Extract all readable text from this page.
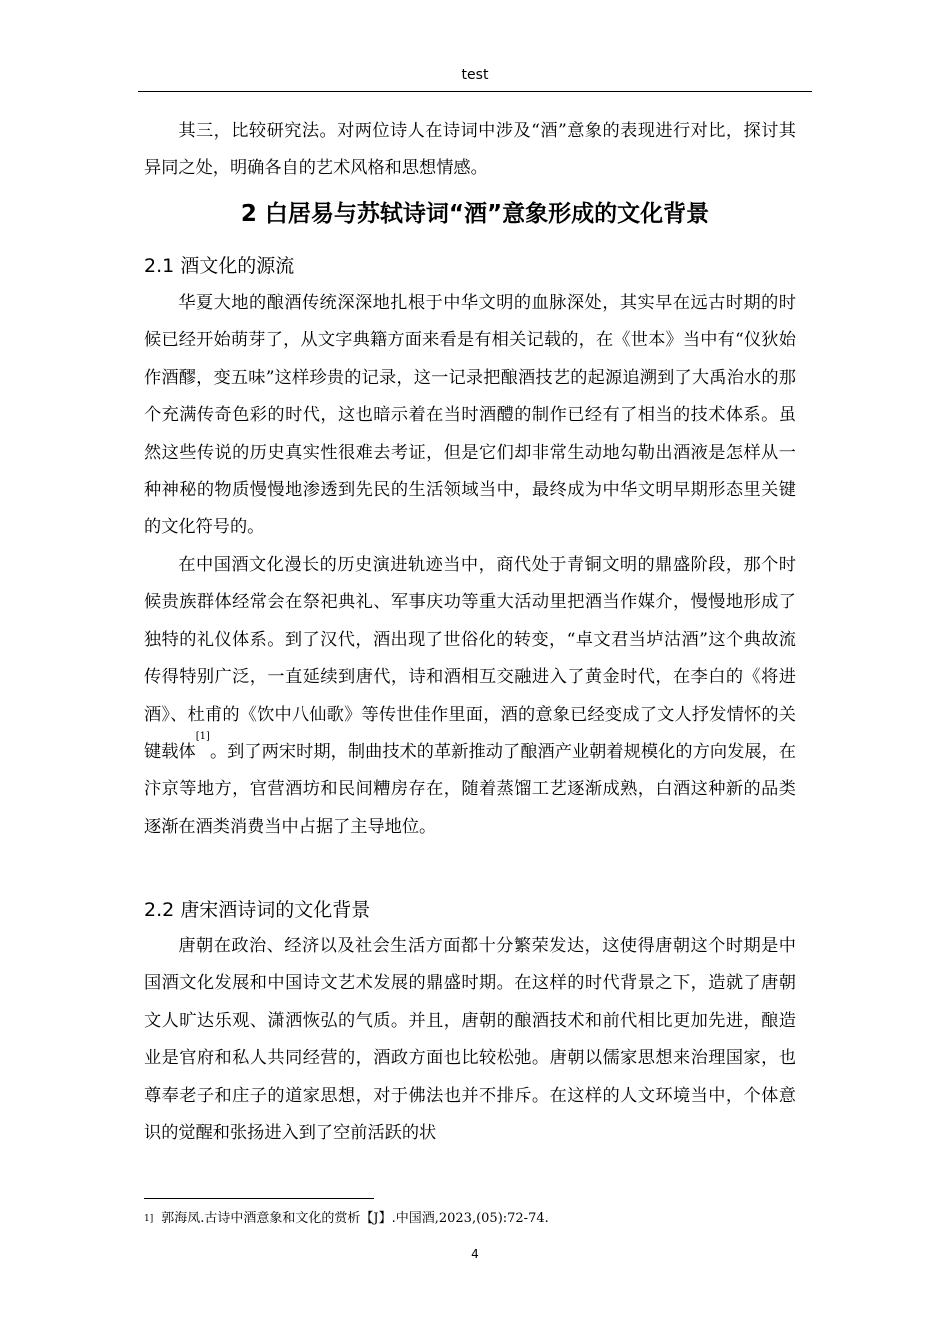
test

其三，比较研究法。对两位诗人在诗词中涉及“酒”意象的表现进行对比，探讨其异同之处，明确各自的艺术风格和思想情感。

2 白居易与苏轼诗词“酒”意象形成的文化背景
2.1 酒文化的源流

华夏大地的酿酒传统深深地扎根于中华文明的血脉深处，其实早在远古时期的时候已经开始萌芽了，从文字典籍方面来看是有相关记载的，在《世本》当中有“仪狄始作酒醪，变五味”这样珍贵的记录，这一记录把酿酒技艺的起源追溯到了大禹治水的那个充满传奇色彩的时代，这也暗示着在当时酒醴的制作已经有了相当的技术体系。虽然这些传说的历史真实性很难去考证，但是它们却非常生动地勾勒出酒液是怎样从一种神秘的物质慢慢地渗透到先民的生活领域当中，最终成为中华文明早期形态里关键的文化符号的。

在中国酒文化漫长的历史演进轨迹当中，商代处于青铜文明的鼎盛阶段，那个时候贵族群体经常会在祭祀典礼、军事庆功等重大活动里把酒当作媒介，慢慢地形成了独特的礼仪体系。到了汉代，酒出现了世俗化的转变，“卓文君当垆沽酒”这个典故流传得特别广泛，一直延续到唐代，诗和酒相互交融进入了黄金时代，在李白的《将进酒》、杜甫的《饮中八仙歌》等传世佳作里面，酒的意象已经变成了文人抒发情怀的关键载体[1]。到了两宋时期，制曲技术的革新推动了酿酒产业朝着规模化的方向发展，在汴京等地方，官营酒坊和民间糟房存在，随着蒸馏工艺逐渐成熟，白酒这种新的品类逐渐在酒类消费当中占据了主导地位。

2.2 唐宋酒诗词的文化背景

唐朝在政治、经济以及社会生活方面都十分繁荣发达，这使得唐朝这个时期是中国酒文化发展和中国诗文艺术发展的鼎盛时期。在这样的时代背景之下，造就了唐朝文人旷达乐观、潇洒恢弘的气质。并且，唐朝的酿酒技术和前代相比更加先进，酿造业是官府和私人共同经营的，酒政方面也比较松弛。唐朝以儒家思想来治理国家，也尊奉老子和庄子的道家思想，对于佛法也并不排斥。在这样的人文环境当中，个体意识的觉醒和张扬进入到了空前活跃的状

$^{1]}$ 郭海凤.古诗中酒意象和文化的赏析【J】.中国酒,2023,(05):72-74.
4
